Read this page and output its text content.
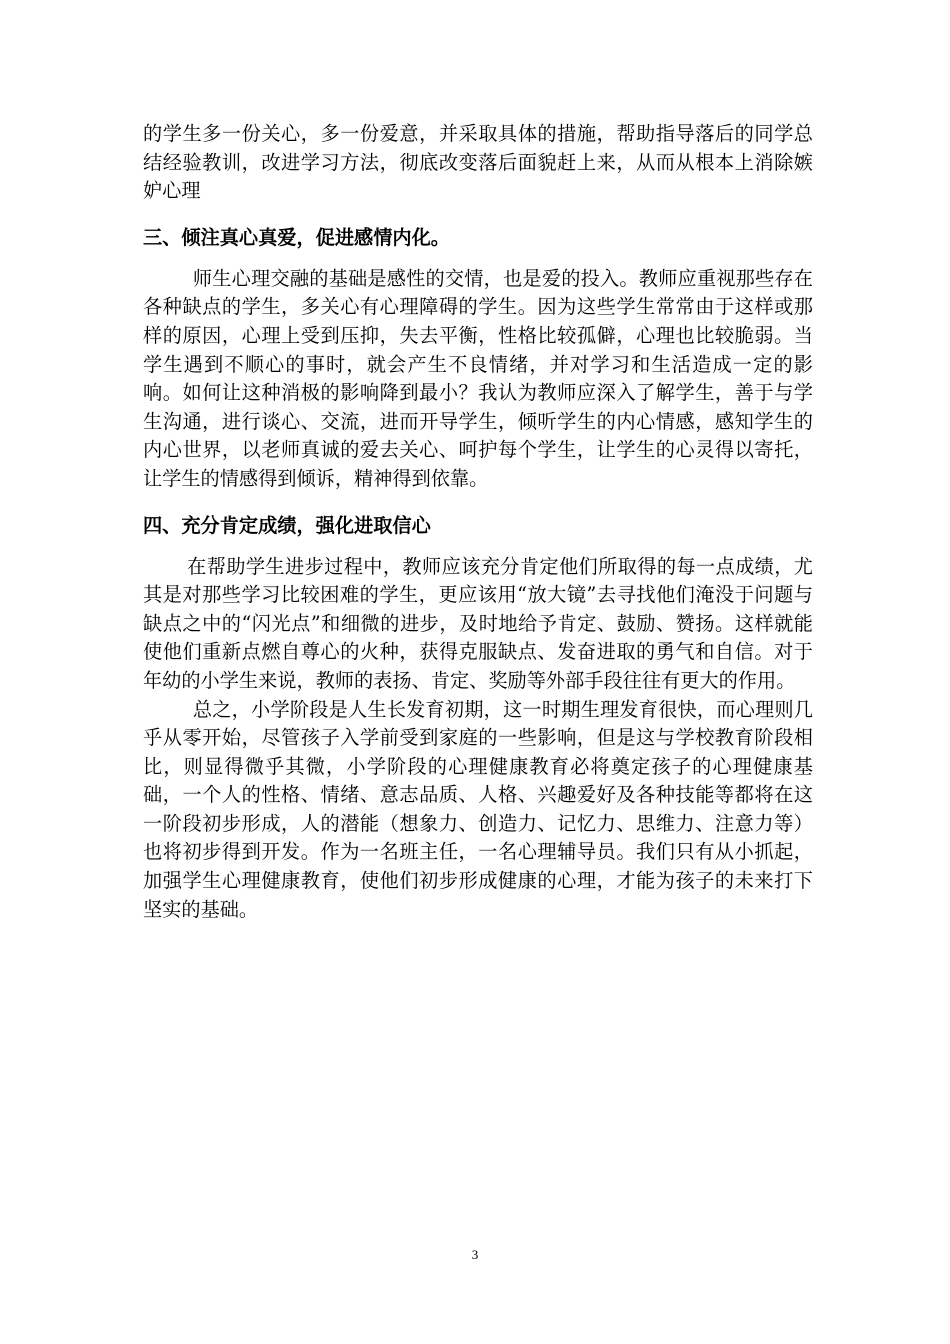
的学生多一份关心，多一份爱意，并采取具体的措施，帮助指导落后的同学总结经验教训，改进学习方法，彻底改变落后面貌赶上来，从而从根本上消除嫉妒心理

三、倾注真心真爱，促进感情内化。

师生心理交融的基础是感性的交情，也是爱的投入。教师应重视那些存在各种缺点的学生，多关心有心理障碍的学生。因为这些学生常常由于这样或那样的原因，心理上受到压抑，失去平衡，性格比较孤僻，心理也比较脆弱。当学生遇到不顺心的事时，就会产生不良情绪，并对学习和生活造成一定的影响。如何让这种消极的影响降到最小？我认为教师应深入了解学生，善于与学生沟通，进行谈心、交流，进而开导学生，倾听学生的内心情感，感知学生的内心世界，以老师真诚的爱去关心、呵护每个学生，让学生的心灵得以寄托，让学生的情感得到倾诉，精神得到依靠。

四、充分肯定成绩，强化进取信心

在帮助学生进步过程中，教师应该充分肯定他们所取得的每一点成绩，尤其是对那些学习比较困难的学生，更应该用“放大镜”去寻找他们淹没于问题与缺点之中的“闪光点”和细微的进步，及时地给予肯定、鼓励、赞扬。这样就能使他们重新点燃自尊心的火种，获得克服缺点、发奋进取的勇气和自信。对于年幼的小学生来说，教师的表扬、肯定、奖励等外部手段往往有更大的作用。

总之，小学阶段是人生长发育初期，这一时期生理发育很快，而心理则几乎从零开始，尽管孩子入学前受到家庭的一些影响，但是这与学校教育阶段相比，则显得微乎其微，小学阶段的心理健康教育必将奠定孩子的心理健康基础，一个人的性格、情绪、意志品质、人格、兴趣爱好及各种技能等都将在这一阶段初步形成，人的潜能（想象力、创造力、记忆力、思维力、注意力等）也将初步得到开发。作为一名班主任，一名心理辅导员。我们只有从小抓起，加强学生心理健康教育，使他们初步形成健康的心理，才能为孩子的未来打下坚实的基础。

3
